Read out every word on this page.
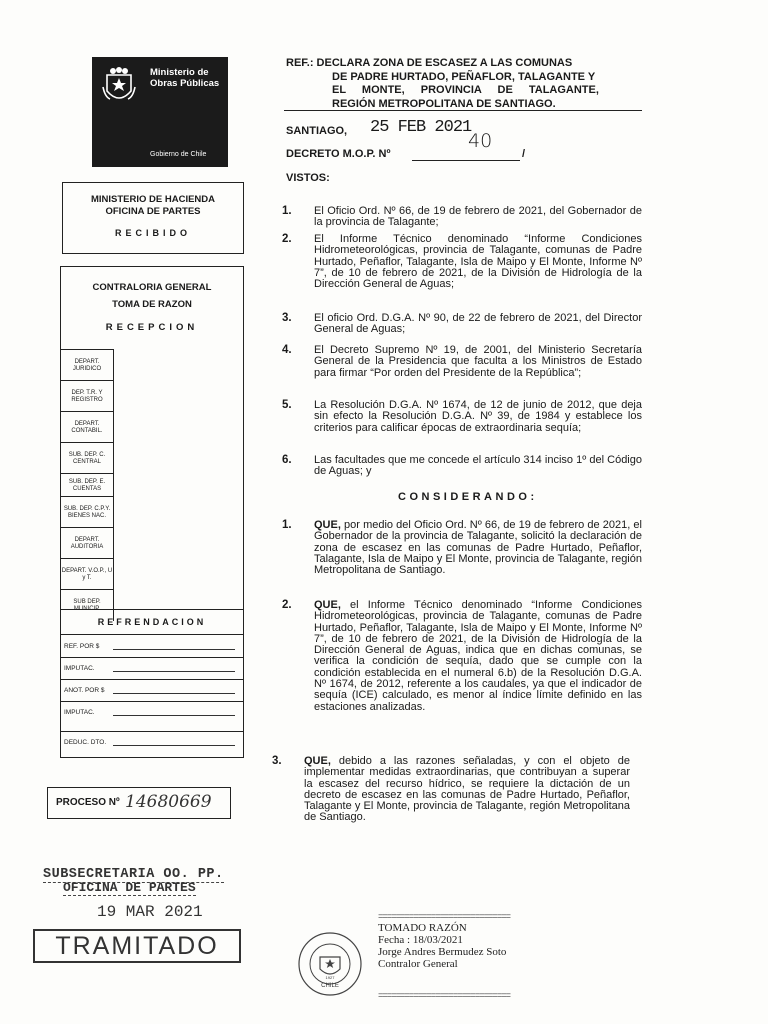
Ministerio de Obras Públicas
Gobierno de Chile
MINISTERIO DE HACIENDA
OFICINA DE PARTES
RECIBIDO
CONTRALORIA GENERAL
TOMA DE RAZON
RECEPCION
DEPART. JURIDICO
DEP. T.R. Y REGISTRO
DEPART. CONTABIL.
SUB. DEP. C. CENTRAL
SUB. DEP. E. CUENTAS
SUB. DEP. C.P.Y. BIENES NAC.
DEPART. AUDITORIA
DEPART. V.O.P., U y T.
SUB DEP. MUNICIP.
REFRENDACION
REF. POR $
IMPUTAC.
ANOT. POR $
IMPUTAC.
DEDUC. DTO.
PROCESO Nº 14680669
SUBSECRETARIA OO. PP.
OFICINA DE PARTES
19 MAR 2021
TRAMITADO
REF.: DECLARA ZONA DE ESCASEZ A LAS COMUNAS
DE PADRE HURTADO, PEÑAFLOR, TALAGANTE Y
EL MONTE, PROVINCIA DE TALAGANTE,
REGIÓN METROPOLITANA DE SANTIAGO.
SANTIAGO, 25 FEB 2021
40
DECRETO M.O.P. Nº	/
VISTOS:
1. El Oficio Ord. Nº 66, de 19 de febrero de 2021, del Gobernador de la provincia de Talagante;
2. El Informe Técnico denominado “Informe Condiciones Hidrometeorológicas, provincia de Talagante, comunas de Padre Hurtado, Peñaflor, Talagante, Isla de Maipo y El Monte, Informe Nº 7”, de 10 de febrero de 2021, de la División de Hidrología de la Dirección General de Aguas;
3. El oficio Ord. D.G.A. Nº 90, de 22 de febrero de 2021, del Director General de Aguas;
4. El Decreto Supremo Nº 19, de 2001, del Ministerio Secretaría General de la Presidencia que faculta a los Ministros de Estado para firmar “Por orden del Presidente de la República”;
5. La Resolución D.G.A. Nº 1674, de 12 de junio de 2012, que deja sin efecto la Resolución D.G.A. Nº 39, de 1984 y establece los criterios para calificar épocas de extraordinaria sequía;
6. Las facultades que me concede el artículo 314 inciso 1º del Código de Aguas; y
CONSIDERANDO:
1. QUE, por medio del Oficio Ord. Nº 66, de 19 de febrero de 2021, el Gobernador de la provincia de Talagante, solicitó la declaración de zona de escasez en las comunas de Padre Hurtado, Peñaflor, Talagante, Isla de Maipo y El Monte, provincia de Talagante, región Metropolitana de Santiago.
2. QUE, el Informe Técnico denominado “Informe Condiciones Hidrometeorológicas, provincia de Talagante, comunas de Padre Hurtado, Peñaflor, Talagante, Isla de Maipo y El Monte, Informe Nº 7”, de 10 de febrero de 2021, de la División de Hidrología de la Dirección General de Aguas, indica que en dichas comunas, se verifica la condición de sequía, dado que se cumple con la condición establecida en el numeral 6.b) de la Resolución D.G.A. Nº 1674, de 2012, referente a los caudales, ya que el indicador de sequía (ICE) calculado, es menor al índice límite definido en las estaciones analizadas.
3. QUE, debido a las razones señaladas, y con el objeto de implementar medidas extraordinarias, que contribuyan a superar la escasez del recurso hídrico, se requiere la dictación de un decreto de escasez en las comunas de Padre Hurtado, Peñaflor, Talagante y El Monte, provincia de Talagante, región Metropolitana de Santiago.
CHILE
1927
==============================
TOMADO RAZÓN
Fecha : 18/03/2021
Jorge Andres Bermudez Soto
Contralor General
==============================
